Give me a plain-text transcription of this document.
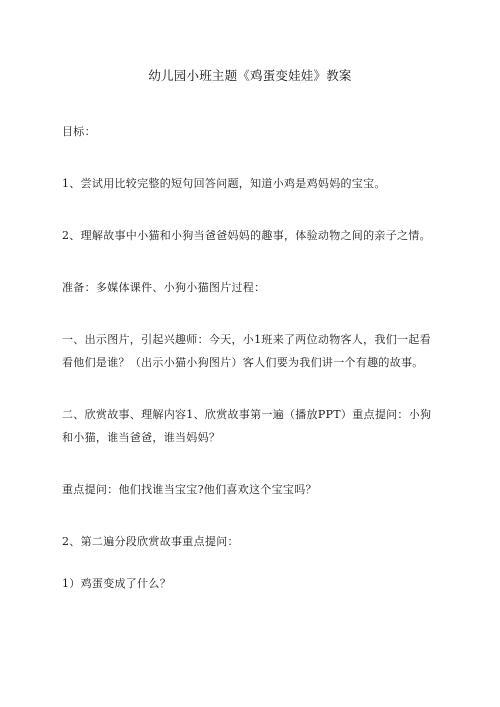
幼儿园小班主题《鸡蛋变娃娃》教案
目标：
1、尝试用比较完整的短句回答问题，知道小鸡是鸡妈妈的宝宝。
2、理解故事中小猫和小狗当爸爸妈妈的趣事，体验动物之间的亲子之情。
准备：多媒体课件、小狗小猫图片过程：
一、出示图片，引起兴趣师：今天，小1班来了两位动物客人，我们一起看
看他们是谁？（出示小猫小狗图片）客人们要为我们讲一个有趣的故事。
二、欣赏故事、理解内容1、欣赏故事第一遍（播放PPT）重点提问：小狗
和小猫，谁当爸爸，谁当妈妈？
重点提问：他们找谁当宝宝?他们喜欢这个宝宝吗？
2、第二遍分段欣赏故事重点提问：
1）鸡蛋变成了什么？
